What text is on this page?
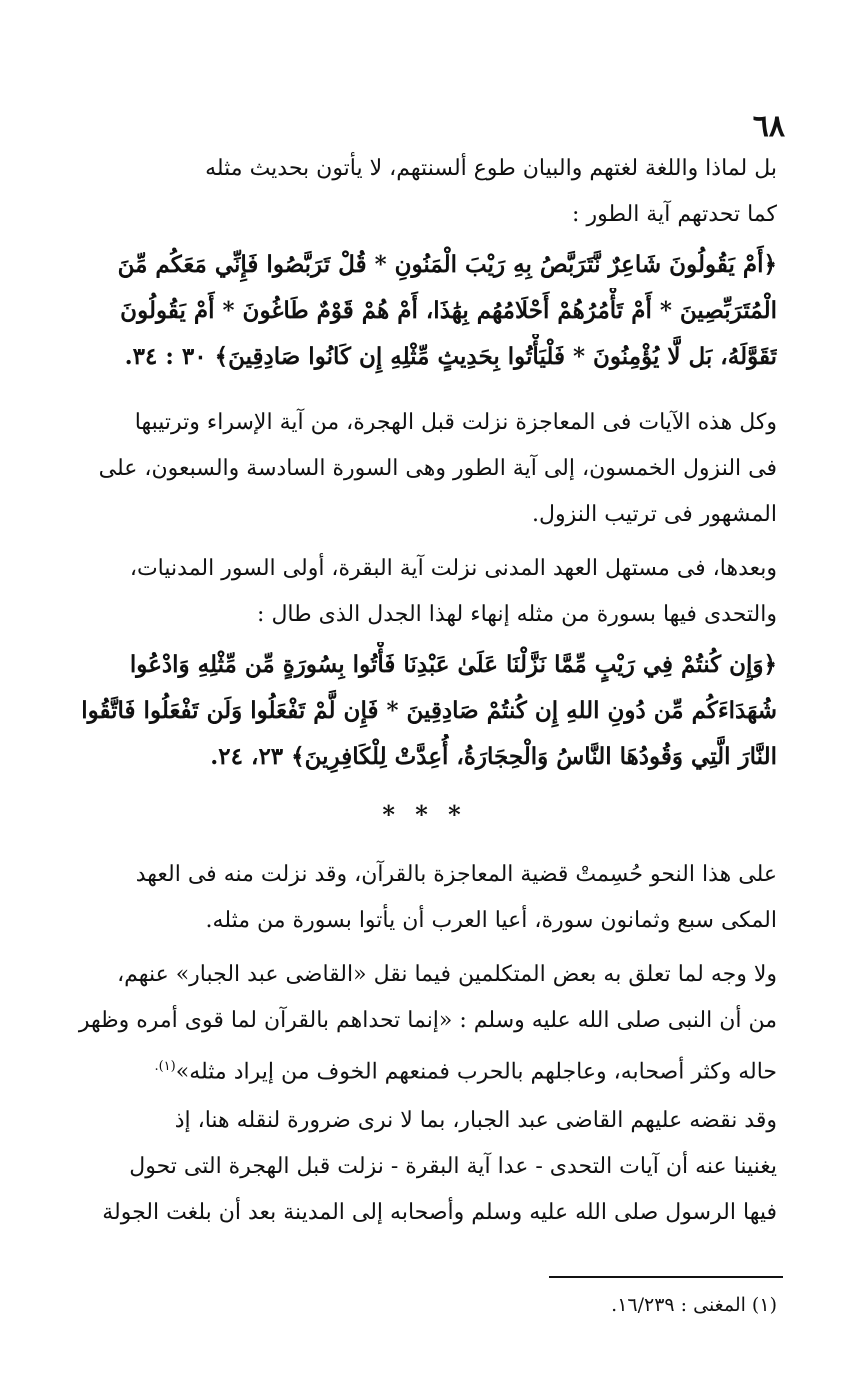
٦٨
بل لماذا واللغة لغتهم والبيان طوع ألسنتهم، لا يأتون بحديث مثله
كما تحدتهم آية الطور :
﴿أَمْ يَقُولُونَ شَاعِرٌ نَّتَرَبَّصُ بِهِ رَيْبَ الْمَنُونِ * قُلْ تَرَبَّصُوا فَإِنِّي مَعَكُم مِّنَ
الْمُتَرَبِّصِينَ * أَمْ تَأْمُرُهُمْ أَحْلَامُهُم بِهَٰذَا، أَمْ هُمْ قَوْمٌ طَاغُونَ * أَمْ يَقُولُونَ
تَقَوَّلَهُ، بَل لَّا يُؤْمِنُونَ * فَلْيَأْتُوا بِحَدِيثٍ مِّثْلِهِ إِن كَانُوا صَادِقِينَ﴾ ٣٠ : ٣٤.
وكل هذه الآيات فى المعاجزة نزلت قبل الهجرة، من آية الإسراء وترتيبها
فى النزول الخمسون، إلى آية الطور وهى السورة السادسة والسبعون، على
المشهور فى ترتيب النزول.
وبعدها، فى مستهل العهد المدنى نزلت آية البقرة، أولى السور المدنيات،
والتحدى فيها بسورة من مثله إنهاء لهذا الجدل الذى طال :
﴿وَإِن كُنتُمْ فِي رَيْبٍ مِّمَّا نَزَّلْنَا عَلَىٰ عَبْدِنَا فَأْتُوا بِسُورَةٍ مِّن مِّثْلِهِ وَادْعُوا
شُهَدَاءَكُم مِّن دُونِ اللهِ إِن كُنتُمْ صَادِقِينَ * فَإِن لَّمْ تَفْعَلُوا وَلَن تَفْعَلُوا فَاتَّقُوا
النَّارَ الَّتِي وَقُودُهَا النَّاسُ وَالْحِجَارَةُ، أُعِدَّتْ لِلْكَافِرِينَ﴾ ٢٣، ٢٤.
* * *
على هذا النحو حُسِمتْ قضية المعاجزة بالقرآن، وقد نزلت منه فى العهد
المكى سبع وثمانون سورة، أعيا العرب أن يأتوا بسورة من مثله.
ولا وجه لما تعلق به بعض المتكلمين فيما نقل «القاضى عبد الجبار» عنهم،
من أن النبى صلى الله عليه وسلم : «إنما تحداهم بالقرآن لما قوى أمره وظهر
حاله وكثر أصحابه، وعاجلهم بالحرب فمنعهم الخوف من إيراد مثله»$^{(١).}$
وقد نقضه عليهم القاضى عبد الجبار، بما لا نرى ضرورة لنقله هنا، إذ
يغنينا عنه أن آيات التحدى - عدا آية البقرة - نزلت قبل الهجرة التى تحول
فيها الرسول صلى الله عليه وسلم وأصحابه إلى المدينة بعد أن بلغت الجولة
(١) المغنى : ١٦/٢٣٩.
